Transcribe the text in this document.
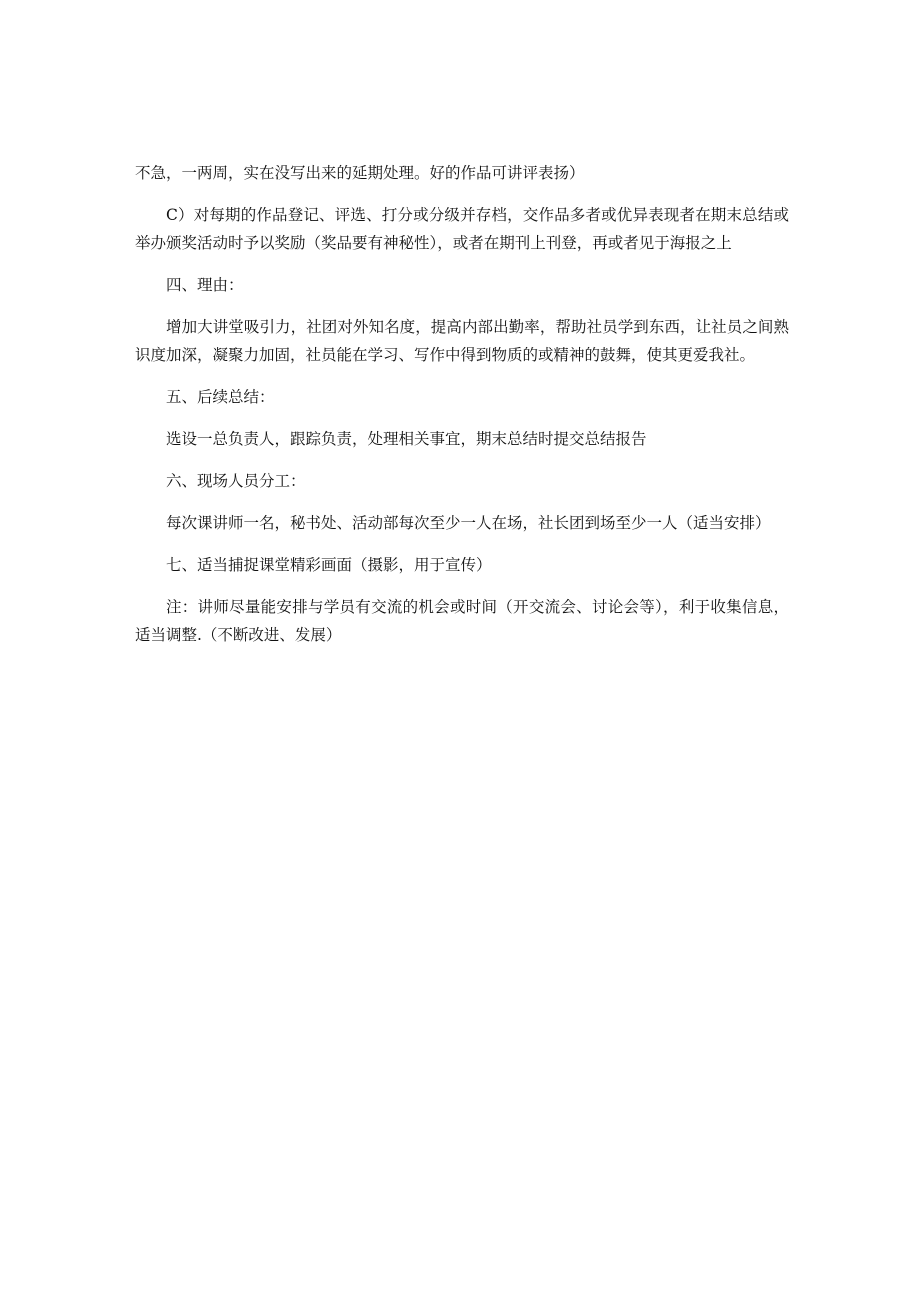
不急，一两周，实在没写出来的延期处理。好的作品可讲评表扬）

C）对每期的作品登记、评选、打分或分级并存档，交作品多者或优异表现者在期末总结或举办颁奖活动时予以奖励（奖品要有神秘性），或者在期刊上刊登，再或者见于海报之上

四、理由：

增加大讲堂吸引力，社团对外知名度，提高内部出勤率，帮助社员学到东西，让社员之间熟识度加深，凝聚力加固，社员能在学习、写作中得到物质的或精神的鼓舞，使其更爱我社。

五、后续总结：

选设一总负责人，跟踪负责，处理相关事宜，期末总结时提交总结报告

六、现场人员分工：

每次课讲师一名，秘书处、活动部每次至少一人在场，社长团到场至少一人（适当安排）

七、适当捕捉课堂精彩画面（摄影，用于宣传）

注：讲师尽量能安排与学员有交流的机会或时间（开交流会、讨论会等），利于收集信息，适当调整.（不断改进、发展）
